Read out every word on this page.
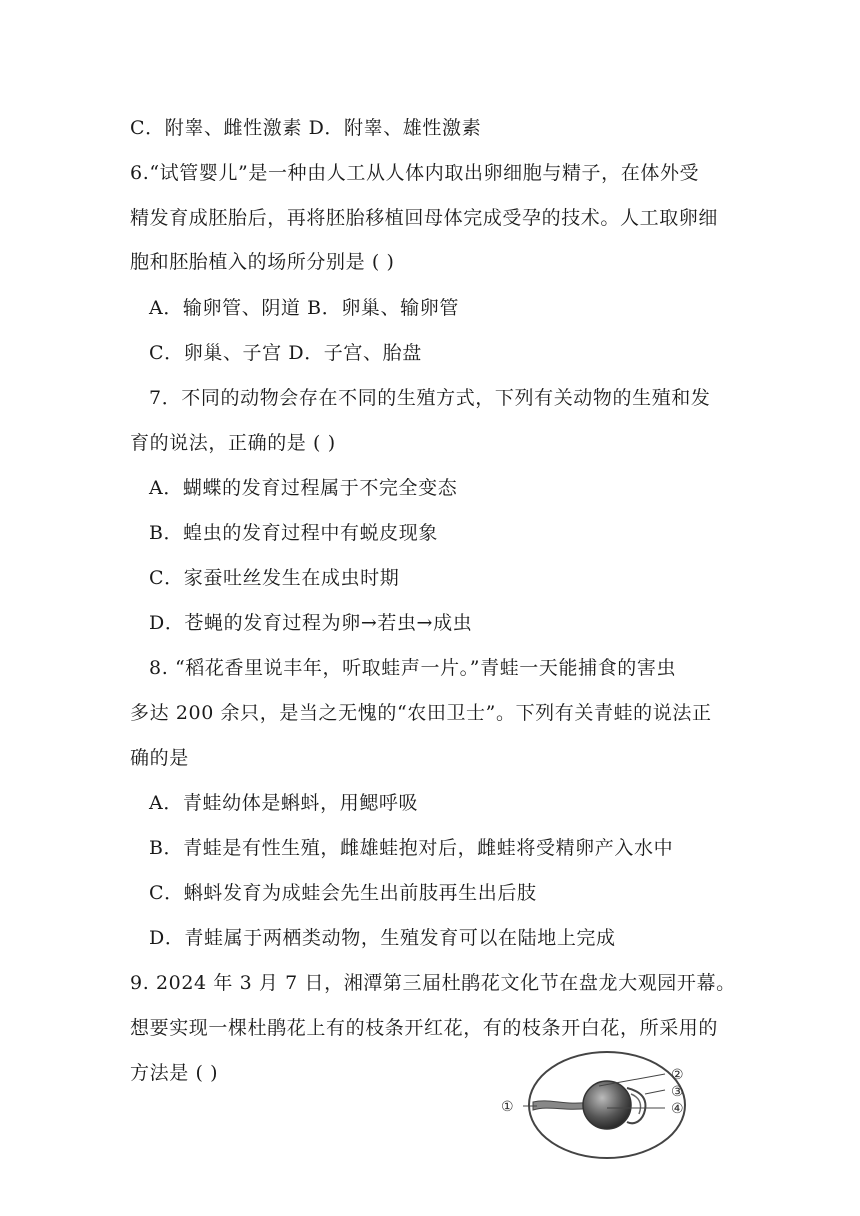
C．附睾、雌性激素 D．附睾、雄性激素
6.“试管婴儿”是一种由人工从人体内取出卵细胞与精子，在体外受
精发育成胚胎后，再将胚胎移植回母体完成受孕的技术。人工取卵细
胞和胚胎植入的场所分别是 ( )
A．输卵管、阴道 B．卵巢、输卵管
C．卵巢、子宫 D．子宫、胎盘
7．不同的动物会存在不同的生殖方式，下列有关动物的生殖和发
育的说法，正确的是 ( )
A．蝴蝶的发育过程属于不完全变态
B．蝗虫的发育过程中有蜕皮现象
C．家蚕吐丝发生在成虫时期
D．苍蝇的发育过程为卵→若虫→成虫
8. “稻花香里说丰年，听取蛙声一片。”青蛙一天能捕食的害虫
多达 200 余只，是当之无愧的“农田卫士”。下列有关青蛙的说法正
确的是
A．青蛙幼体是蝌蚪，用鳃呼吸
B．青蛙是有性生殖，雌雄蛙抱对后，雌蛙将受精卵产入水中
C．蝌蚪发育为成蛙会先生出前肢再生出后肢
D．青蛙属于两栖类动物，生殖发育可以在陆地上完成
9. 2024 年 3 月 7 日，湘潭第三届杜鹃花文化节在盘龙大观园开幕。
想要实现一棵杜鹃花上有的枝条开红花，有的枝条开白花，所采用的
方法是 ( )
①
②
③
④
